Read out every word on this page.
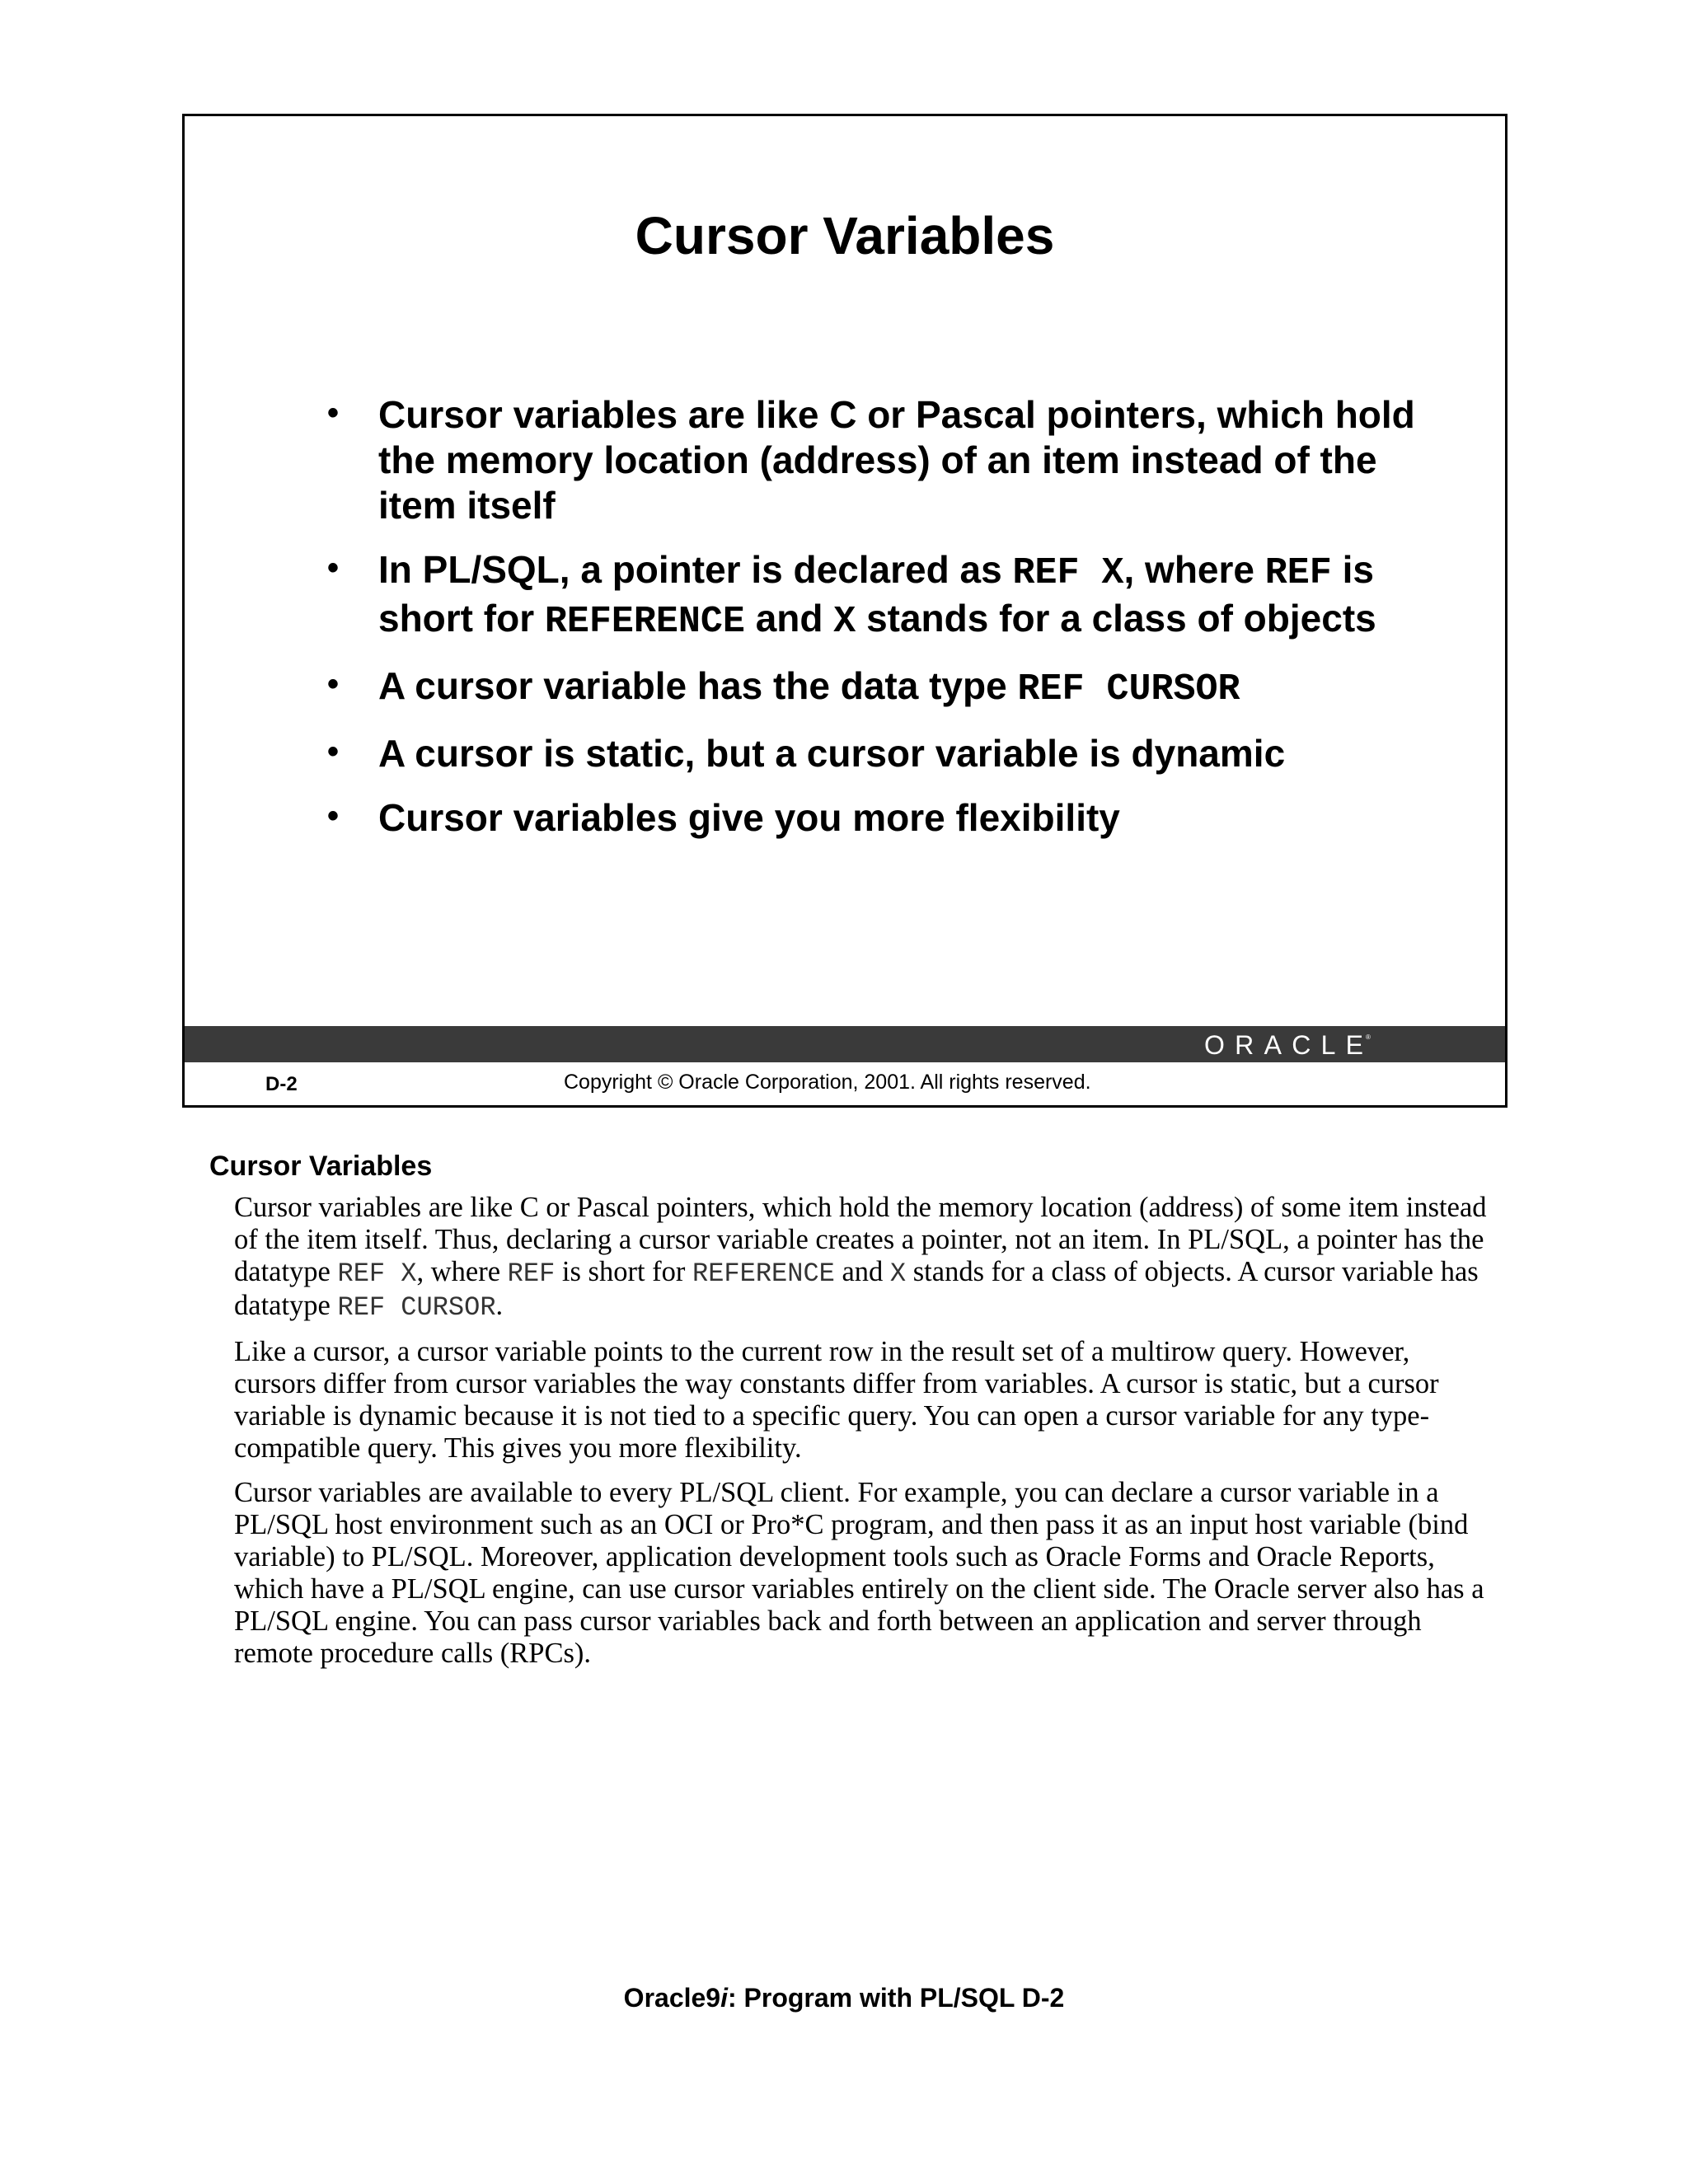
Cursor Variables
• Cursor variables are like C or Pascal pointers, which hold the memory location (address) of an item instead of the item itself
• In PL/SQL, a pointer is declared as REF X, where REF is short for REFERENCE and X stands for a class of objects
• A cursor variable has the data type REF CURSOR
• A cursor is static, but a cursor variable is dynamic
• Cursor variables give you more flexibility
ORACLE ®
D-2	Copyright © Oracle Corporation, 2001. All rights reserved.
Cursor Variables

Cursor variables are like C or Pascal pointers, which hold the memory location (address) of some item instead of the item itself. Thus, declaring a cursor variable creates a pointer, not an item. In PL/SQL, a pointer has the datatype REF X, where REF is short for REFERENCE and X stands for a class of objects. A cursor variable has datatype REF CURSOR.

Like a cursor, a cursor variable points to the current row in the result set of a multirow query. However, cursors differ from cursor variables the way constants differ from variables. A cursor is static, but a cursor variable is dynamic because it is not tied to a specific query. You can open a cursor variable for any type-compatible query. This gives you more flexibility.

Cursor variables are available to every PL/SQL client. For example, you can declare a cursor variable in a PL/SQL host environment such as an OCI or Pro*C program, and then pass it as an input host variable (bind variable) to PL/SQL. Moreover, application development tools such as Oracle Forms and Oracle Reports, which have a PL/SQL engine, can use cursor variables entirely on the client side. The Oracle server also has a PL/SQL engine. You can pass cursor variables back and forth between an application and server through remote procedure calls (RPCs).

Oracle9i: Program with PL/SQL D-2
